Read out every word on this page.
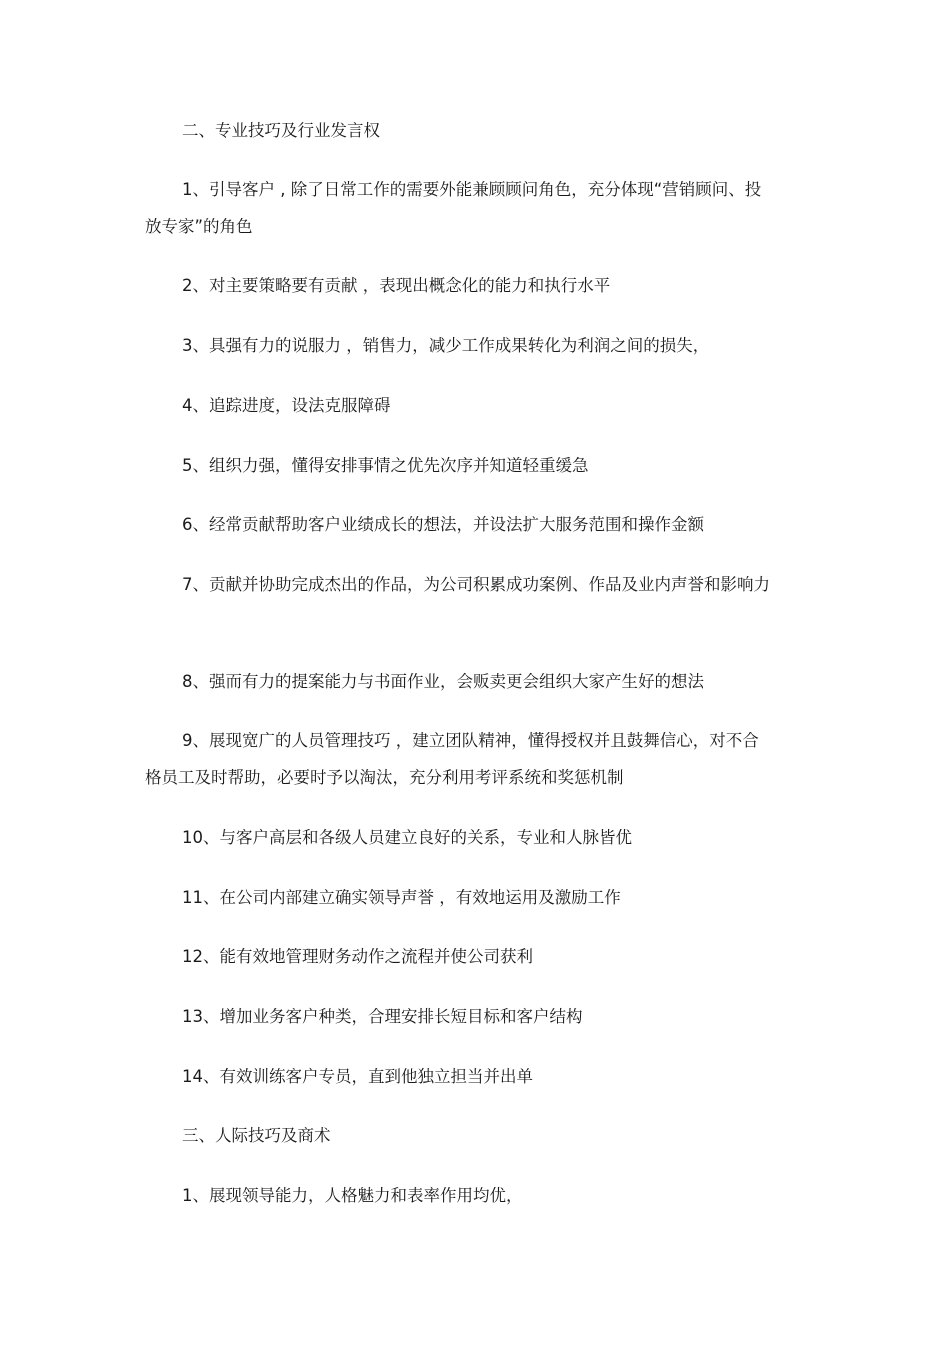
二、专业技巧及行业发言权

1、引导客户 , 除了日常工作的需要外能兼顾顾问角色，充分体现“营销顾问、投放专家”的角色

2、对主要策略要有贡献 ，表现出概念化的能力和执行水平

3、具强有力的说服力 ，销售力，减少工作成果转化为利润之间的损失，

4、追踪进度，设法克服障碍

5、组织力强，懂得安排事情之优先次序并知道轻重缓急

6、经常贡献帮助客户业绩成长的想法，并设法扩大服务范围和操作金额

7、贡献并协助完成杰出的作品，为公司积累成功案例、作品及业内声誉和影响力

8、强而有力的提案能力与书面作业，会贩卖更会组织大家产生好的想法

9、展现宽广的人员管理技巧 ，建立团队精神，懂得授权并且鼓舞信心，对不合格员工及时帮助，必要时予以淘汰，充分利用考评系统和奖惩机制

10、与客户高层和各级人员建立良好的关系，专业和人脉皆优

11、在公司内部建立确实领导声誉 ，有效地运用及激励工作

12、能有效地管理财务动作之流程并使公司获利

13、增加业务客户种类，合理安排长短目标和客户结构

14、有效训练客户专员，直到他独立担当并出单

三、人际技巧及商术

1、展现领导能力，人格魅力和表率作用均优，
